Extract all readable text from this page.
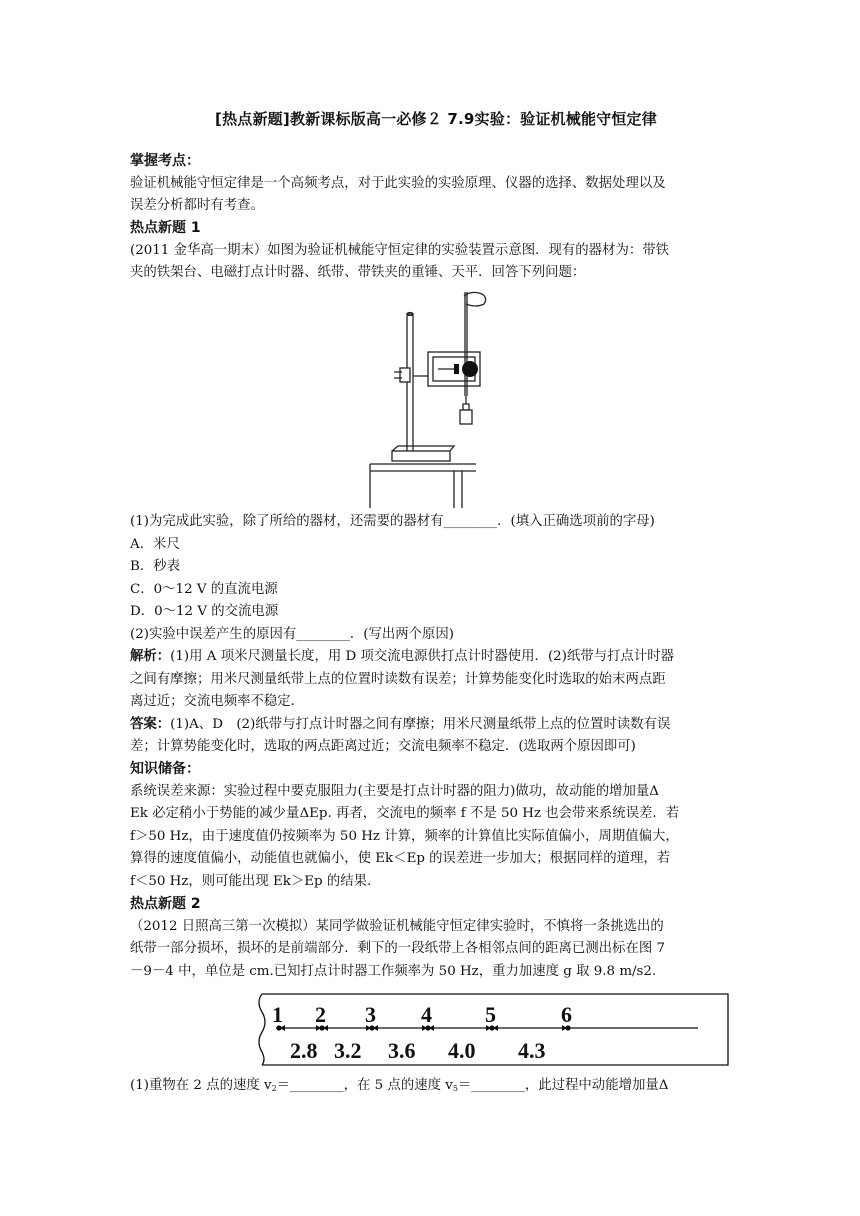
[热点新题]教新课标版高一必修２ 7.9实验：验证机械能守恒定律
掌握考点：
验证机械能守恒定律是一个高频考点，对于此实验的实验原理、仪器的选择、数据处理以及
误差分析都时有考查。
热点新题 1
(2011 金华高一期末）如图为验证机械能守恒定律的实验装置示意图．现有的器材为：带铁
夹的铁架台、电磁打点计时器、纸带、带铁夹的重锤、天平．回答下列问题：
(1)为完成此实验，除了所给的器材，还需要的器材有________．(填入正确选项前的字母)
A．米尺
B．秒表
C．0～12 V 的直流电源
D．0～12 V 的交流电源
(2)实验中误差产生的原因有________．(写出两个原因)
解析：(1)用 A 项米尺测量长度，用 D 项交流电源供打点计时器使用．(2)纸带与打点计时器
之间有摩擦；用米尺测量纸带上点的位置时读数有误差；计算势能变化时选取的始末两点距
离过近；交流电频率不稳定．
答案：(1)A、D　(2)纸带与打点计时器之间有摩擦；用米尺测量纸带上点的位置时读数有误
差；计算势能变化时，选取的两点距离过近；交流电频率不稳定．(选取两个原因即可)
知识储备：
系统误差来源：实验过程中要克服阻力(主要是打点计时器的阻力)做功，故动能的增加量Δ
Ek 必定稍小于势能的减少量ΔEp. 再者，交流电的频率 f 不是 50 Hz 也会带来系统误差．若
f＞50 Hz，由于速度值仍按频率为 50 Hz 计算，频率的计算值比实际值偏小，周期值偏大，
算得的速度值偏小，动能值也就偏小，使 Ek＜Ep 的误差进一步加大；根据同样的道理，若
f＜50 Hz，则可能出现 Ek＞Ep 的结果.
热点新题 2
（2012 日照高三第一次模拟）某同学做验证机械能守恒定律实验时，不慎将一条挑选出的
纸带一部分损坏，损坏的是前端部分．剩下的一段纸带上各相邻点间的距离已测出标在图 7
－9－4 中，单位是 cm.已知打点计时器工作频率为 50 Hz，重力加速度 g 取 9.8 m/s2.
1 2 3 4 5	6
2.8 3.2 3.6 4.0 4.3
(1)重物在 2 点的速度 $v_2=\_\_\_\_\_\_\_\_$，在 5 点的速度 $v_5=\_\_\_\_\_\_\_\_$，此过程中动能增加量Δ
